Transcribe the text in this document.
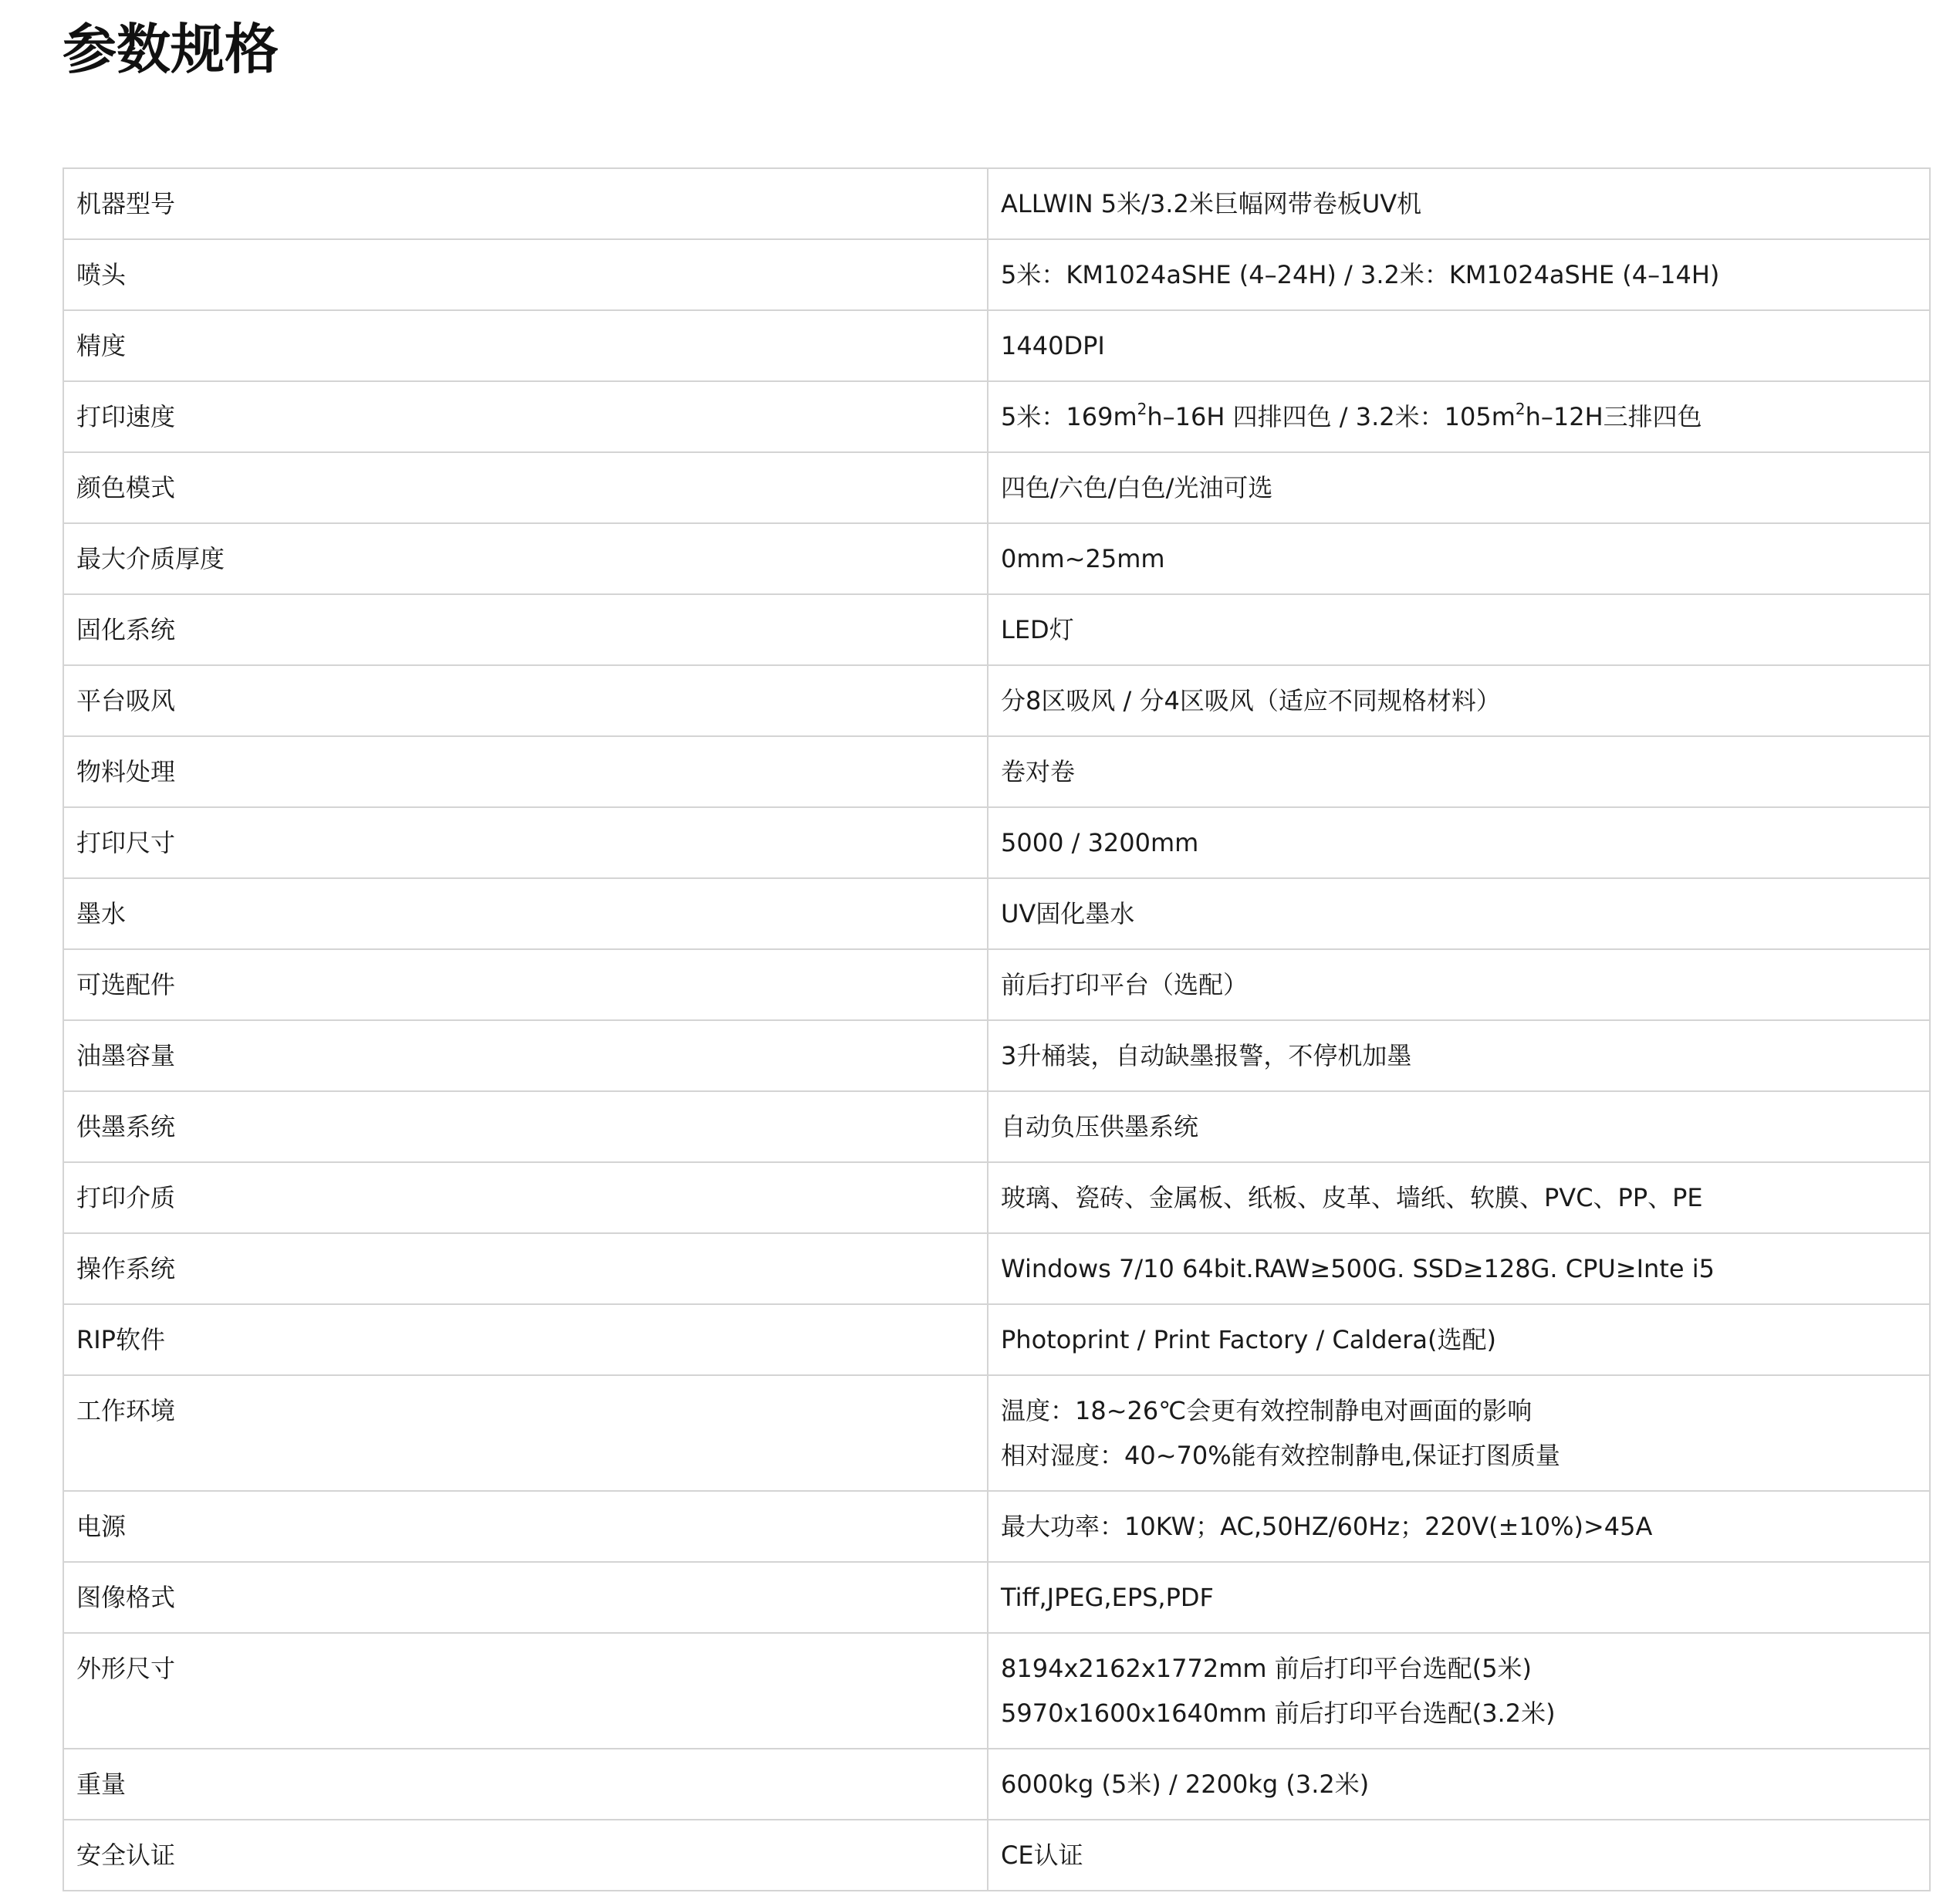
参数规格
机器型号	ALLWIN 5米/3.2米巨幅网带卷板UV机
喷头	5米：KM1024aSHE (4–24H) / 3.2米：KM1024aSHE (4–14H)
精度	1440DPI
打印速度	5米：$169m^2h-16H$ 四排四色 / 3.2米：$105m^2h-12H$三排四色
颜色模式	四色/六色/白色/光油可选
最大介质厚度	0mm~25mm
固化系统	LED灯
平台吸风	分8区吸风 / 分4区吸风（适应不同规格材料）
物料处理	卷对卷
打印尺寸	5000 / 3200mm
墨水	UV固化墨水
可选配件	前后打印平台（选配）
油墨容量	3升桶装，自动缺墨报警，不停机加墨
供墨系统	自动负压供墨系统
打印介质	玻璃、瓷砖、金属板、纸板、皮革、墙纸、软膜、PVC、PP、PE
操作系统	Windows 7/10 64bit.RAW≥500G. SSD≥128G. CPU≥Inte i5
RIP软件	Photoprint / Print Factory / Caldera(选配)
工作环境	温度：18~26℃会更有效控制静电对画面的影响
相对湿度：40~70%能有效控制静电,保证打图质量

电源	最大功率：10KW；AC,50HZ/60Hz；220V(±10%)>45A
图像格式	Tiff,JPEG,EPS,PDF
外形尺寸	8194x2162x1772mm 前后打印平台选配(5米)
5970x1600x1640mm 前后打印平台选配(3.2米)

重量	6000kg (5米) / 2200kg (3.2米)
安全认证	CE认证
